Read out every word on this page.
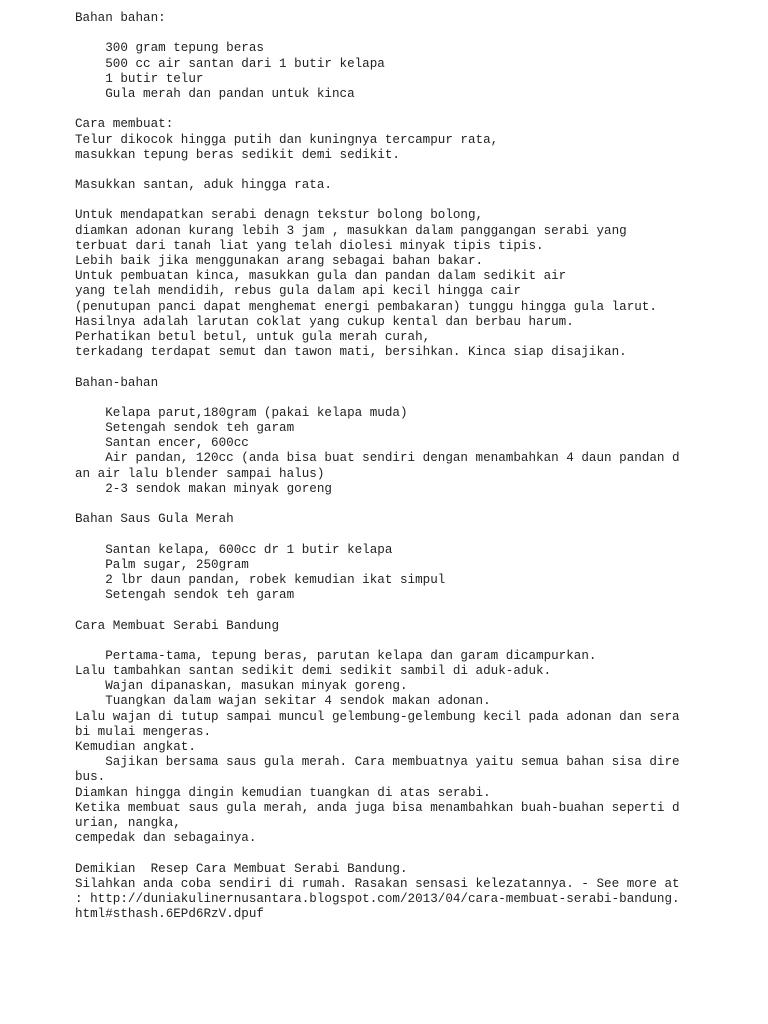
Bahan bahan:
300 gram tepung beras
500 cc air santan dari 1 butir kelapa
1 butir telur
Gula merah dan pandan untuk kinca
Cara membuat:
Telur dikocok hingga putih dan kuningnya tercampur rata,
masukkan tepung beras sedikit demi sedikit.
Masukkan santan, aduk hingga rata.
Untuk mendapatkan serabi denagn tekstur bolong bolong,
diamkan adonan kurang lebih 3 jam , masukkan dalam panggangan serabi yang
terbuat dari tanah liat yang telah diolesi minyak tipis tipis.
Lebih baik jika menggunakan arang sebagai bahan bakar.
Untuk pembuatan kinca, masukkan gula dan pandan dalam sedikit air
yang telah mendidih, rebus gula dalam api kecil hingga cair
(penutupan panci dapat menghemat energi pembakaran) tunggu hingga gula larut.
Hasilnya adalah larutan coklat yang cukup kental dan berbau harum.
Perhatikan betul betul, untuk gula merah curah,
terkadang terdapat semut dan tawon mati, bersihkan. Kinca siap disajikan.
Bahan-bahan
Kelapa parut,180gram (pakai kelapa muda)
Setengah sendok teh garam
Santan encer, 600cc
Air pandan, 120cc (anda bisa buat sendiri dengan menambahkan 4 daun pandan d
an air lalu blender sampai halus)
2-3 sendok makan minyak goreng
Bahan Saus Gula Merah
Santan kelapa, 600cc dr 1 butir kelapa
Palm sugar, 250gram
2 lbr daun pandan, robek kemudian ikat simpul
Setengah sendok teh garam
Cara Membuat Serabi Bandung
Pertama-tama, tepung beras, parutan kelapa dan garam dicampurkan.
Lalu tambahkan santan sedikit demi sedikit sambil di aduk-aduk.
Wajan dipanaskan, masukan minyak goreng.
Tuangkan dalam wajan sekitar 4 sendok makan adonan.
Lalu wajan di tutup sampai muncul gelembung-gelembung kecil pada adonan dan sera
bi mulai mengeras.
Kemudian angkat.
Sajikan bersama saus gula merah. Cara membuatnya yaitu semua bahan sisa dire
bus.
Diamkan hingga dingin kemudian tuangkan di atas serabi.
Ketika membuat saus gula merah, anda juga bisa menambahkan buah-buahan seperti d
urian, nangka,
cempedak dan sebagainya.
Demikian  Resep Cara Membuat Serabi Bandung.
Silahkan anda coba sendiri di rumah. Rasakan sensasi kelezatannya. - See more at
: http://duniakulinernusantara.blogspot.com/2013/04/cara-membuat-serabi-bandung.
html#sthash.6EPd6RzV.dpuf
